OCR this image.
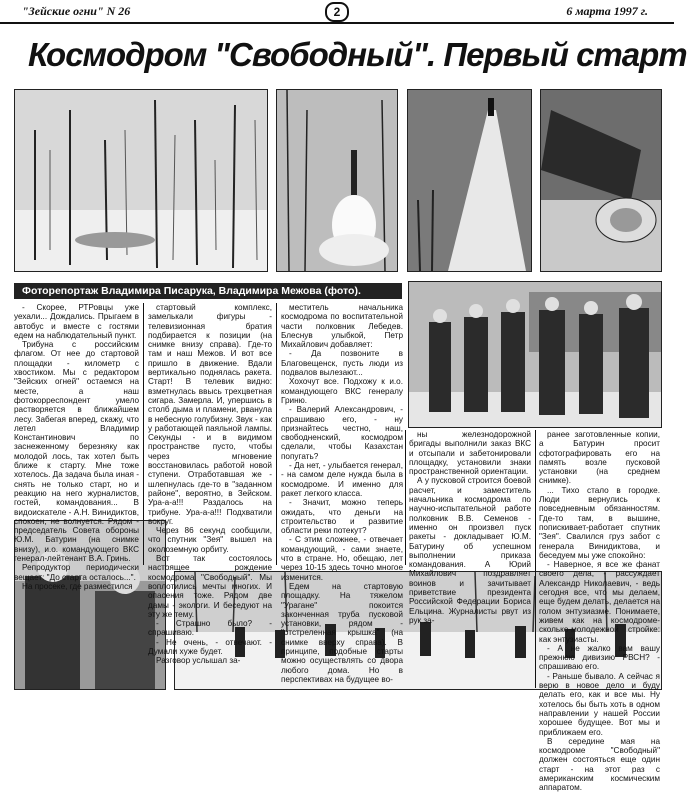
"Зейские огни" N 26	2	6 марта 1997 г.
Космодром "Свободный". Первый старт
Фоторепортаж Владимира Писарука, Владимира Межова (фото).

- Скорее, РТРовцы уже уехали... Дождались. Прыгаем в автобус и вместе с гостями едем на наблюдательный пункт.

Трибуна с российским флагом. От нее до стартовой площадки - километр с хвостиком. Мы с редактором "Зейских огней" остаемся на месте, а наш фотокорреспондент умело растворяется в ближайшем лесу. Забегая вперед, скажу, что летел Владимир Константинович по заснеженному березняку как молодой лось, так хотел быть ближе к старту. Мне тоже хотелось. Да задача была иная - снять не только старт, но и реакцию на него журналистов, гостей, командования... В видоискателе - А.Н. Винидиктов, спокоен, не волнуется. Рядом - председатель Совета обороны Ю.М. Батурин (на снимке внизу), и.о. командующего ВКС генерал-лейтенант В.А. Гринь.

Репродуктор периодически вещает: "До старта осталось...".

На просеке, где разместился

стартовый комплекс, замелькали фигуры - телевизионная братия подбирается к позиции (на снимке внизу справа). Где-то там и наш Межов. И вот все пришло в движение. Вдали вертикально поднялась ракета. Старт! В телевик видно: взметнулась ввысь трехцветная сигара. Замерла. И, упершись в столб дыма и пламени, рванула в небесную голубизну. Звук - как у работающей паяльной лампы. Секунды - и в видимом пространстве пусто, чтобы через мгновение восстановилась работой новой ступени. Отработавшая же - шлепнулась где-то в "заданном районе", вероятно, в Зейском. Ура-а-а!!! Раздалось на трибуне. Ура-а-а!!! Подхватили вокруг.

Через 86 секунд сообщили, что спутник "Зея" вышел на околоземную орбиту.

Вот так состоялось настоящее рождение космодрома "Свободный". Мы воплотились мечты многих. И опасения тоже. Рядом две дамы - экологи. И беседуют на эту же тему.

- Страшно было? - спрашиваю.

- Не очень, - отвечают. - Думали хуже будет.

Разговор услышал за-

меститель начальника космодрома по воспитательной части полковник Лебедев. Блеснув улыбкой, Петр Михайлович добавляет:

- Да позвоните в Благовещенск, пусть люди из подвалов вылезают...

Хохочут все. Подхожу к и.о. командующего ВКС генералу Гриню.

- Валерий Александрович, - спрашиваю его, - ну признайтесь честно, наш, свободненский, космодром сделали, чтобы Казахстан попугать?

- Да нет, - улыбается генерал, - на самом деле нужда была в космодроме. И именно для ракет легкого класса.

- Значит, можно теперь ожидать, что деньги на строительство и развитие области реки потекут?

- С этим сложнее, - отвечает командующий, - сами знаете, что в стране. Но, обещаю, лет через 10-15 здесь точно многое изменится.

Едем на стартовую площадку. На тяжелом "Урагане" покоится законченная труба пусковой установки, рядом - "отстреленная крышка" (на снимке вверху справа). В принципе, подобные старты можно осуществлять со двора любого дома. Но в перспективах на будущее во-

ны железнодорожной бригады выполнили заказ ВКС и отсыпали и забетонировали площадку, установили знаки пространственной ориентации.

А у пусковой строится боевой расчет, и заместитель начальника космодрома по научно-испытательной работе полковник В.В. Семенов - именно он произвел пуск ракеты - докладывает Ю.М. Батурину об успешном выполнении приказа командования. А Юрий Михайлович поздравляет воинов и зачитывает приветствие президента Российской Федерации Бориса Ельцина. Журналисты рвут из рук за-

ранее заготовленные копии, а Батурин просит сфотографировать его на память возле пусковой установки (на среднем снимке).

... Тихо стало в городке. Люди вернулись к повседневным обязанностям. Где-то там, в вышине, попискивает-работает спутник "Зея". Свалился груз забот с генерала Винидиктова, и беседуем мы уже спокойно:

- Наверное, я все же фанат своего дела, - рассуждает Александр Николаевич, - ведь сегодня все, что мы делаем, еще будем делать, делается на голом энтузиазме. Понимаете, живем как на космодроме-сколько-молодежной стройке: как энтузиасты.

- А не жалко вам вашу прежнюю дивизию РВСН? - спрашиваю его.

- Раньше бывало. А сейчас я верю в новое дело и буду делать его, как и все мы. Ну хотелось бы быть хоть в одном направлении у нашей России хорошее будущее. Вот мы и приближаем его.

В середине мая на космодроме "Свободный" должен состояться еще один старт - на этот раз с американским космическим аппаратом.
